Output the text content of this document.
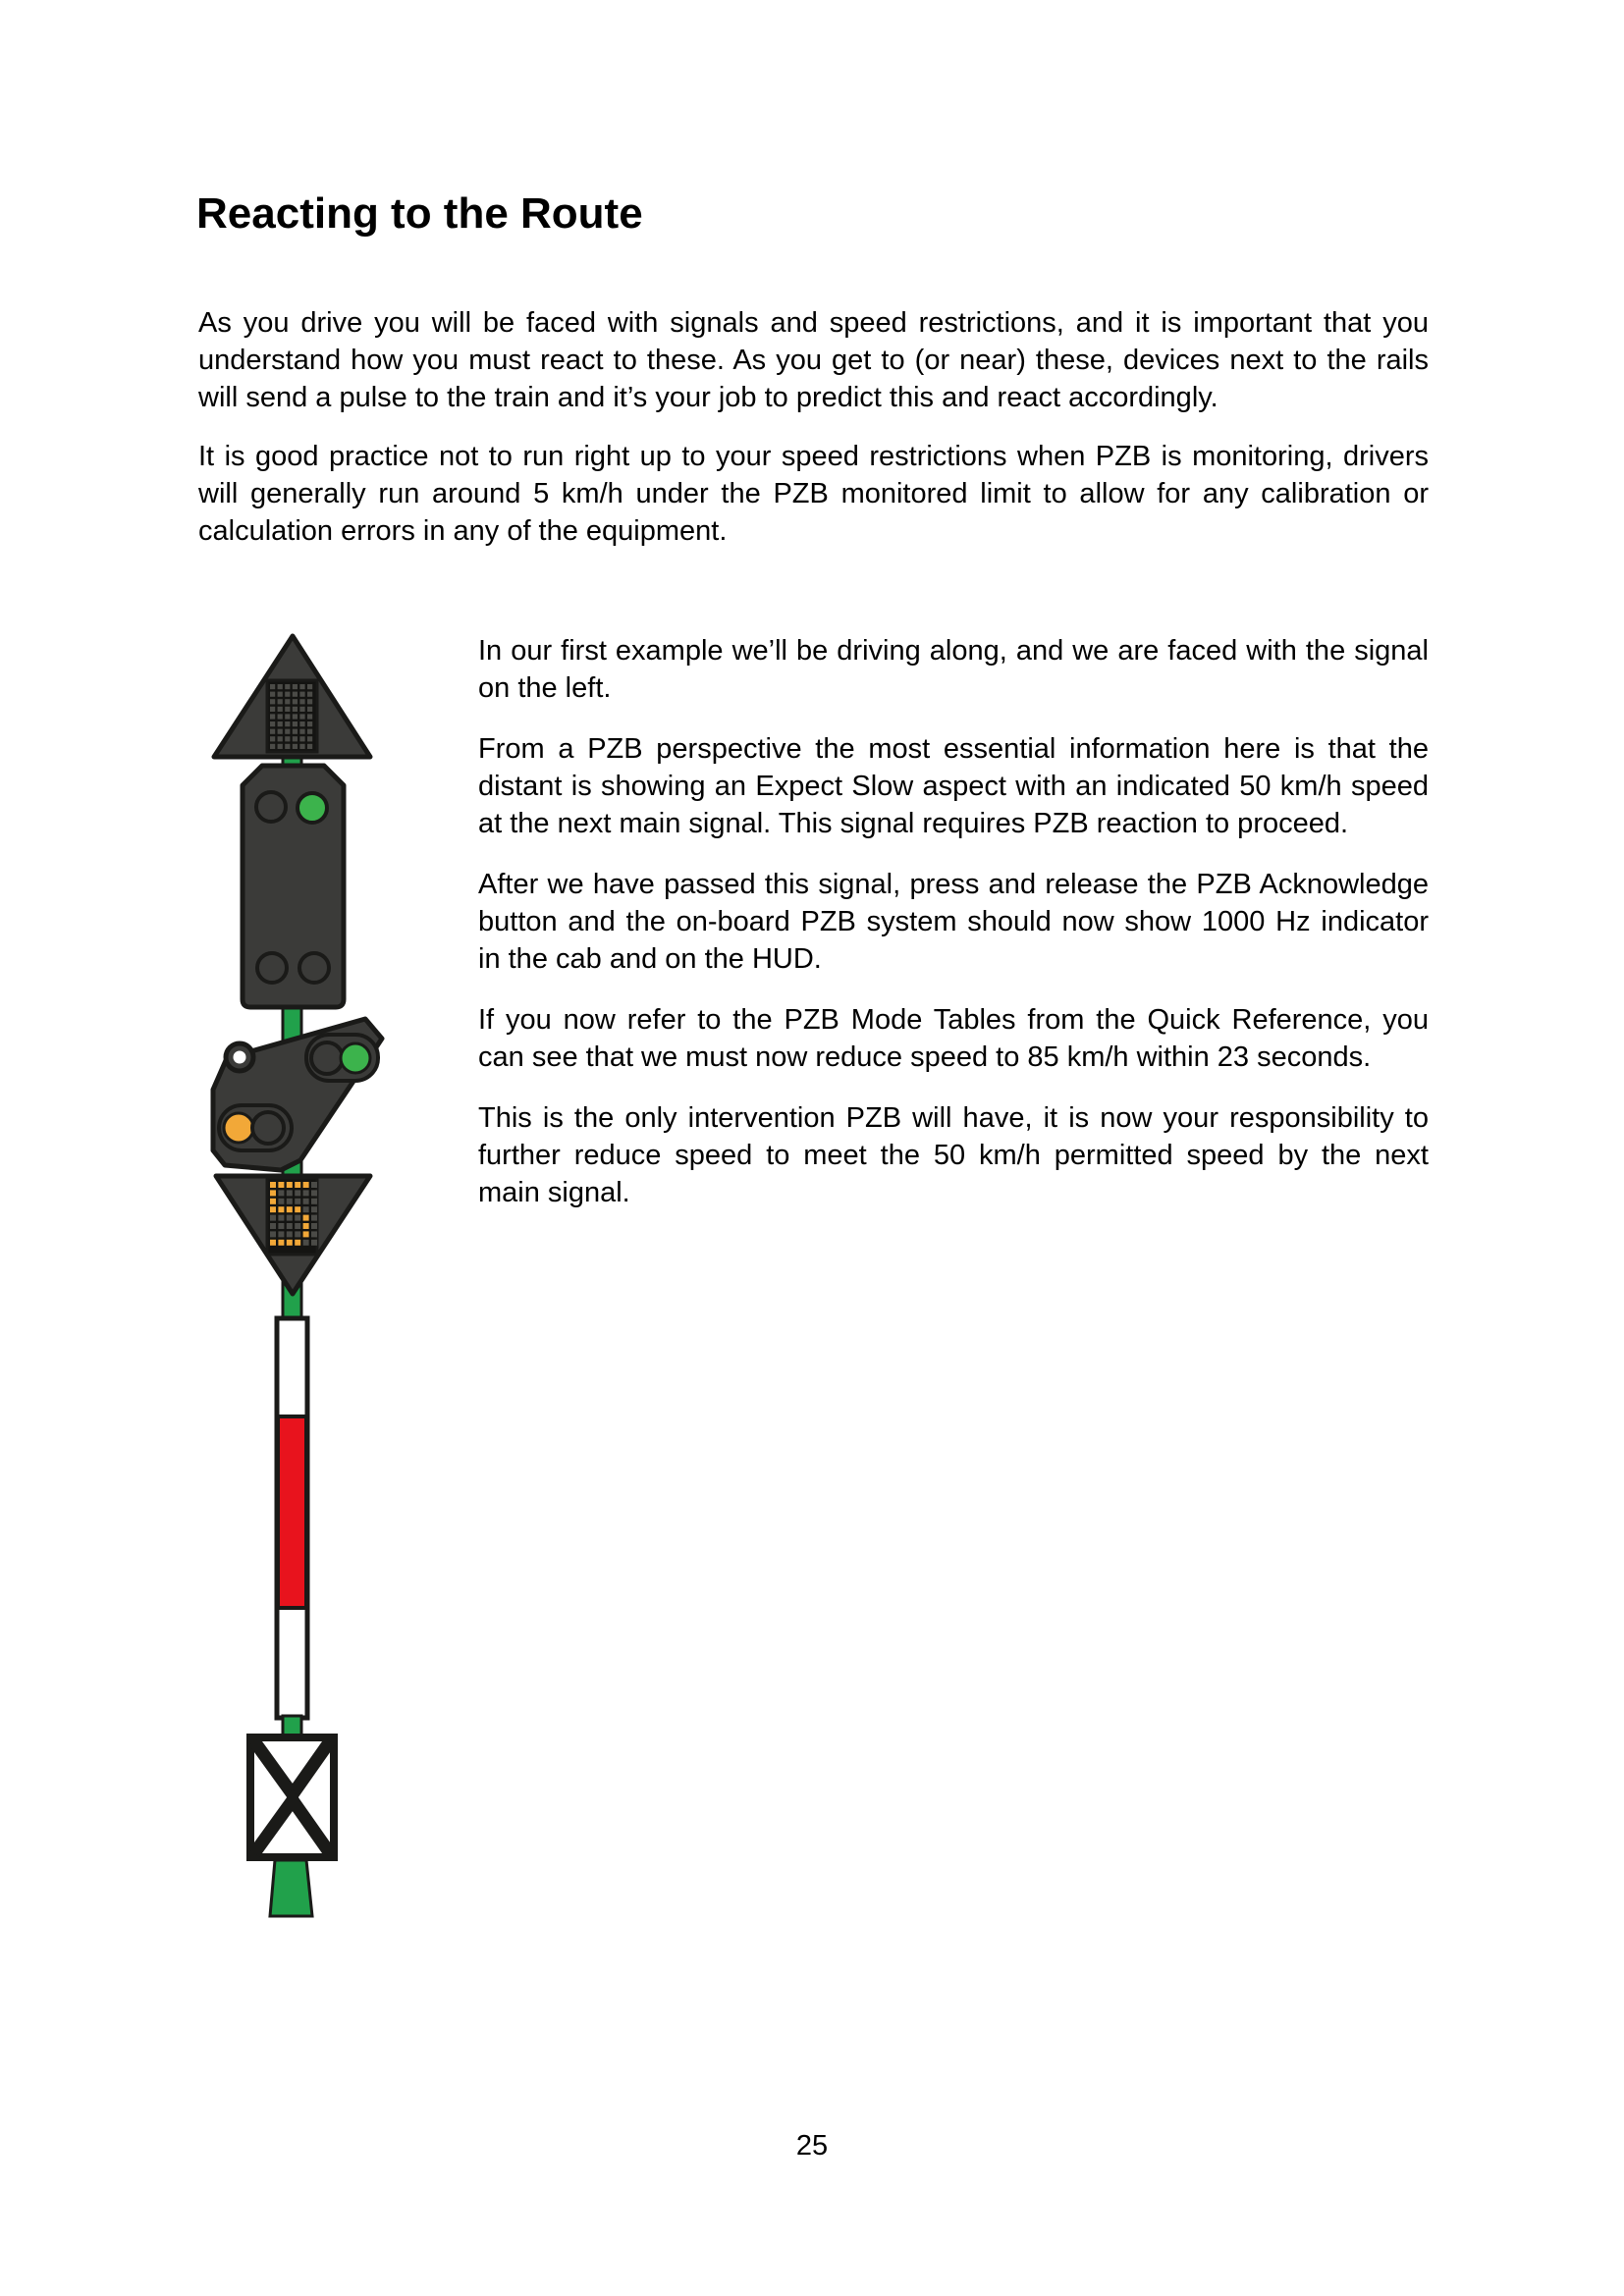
Reacting to the Route

As you drive you will be faced with signals and speed restrictions, and it is important that you understand how you must react to these. As you get to (or near) these, devices next to the rails will send a pulse to the train and it’s your job to predict this and react accordingly.

It is good practice not to run right up to your speed restrictions when PZB is monitoring, drivers will generally run around 5 km/h under the PZB monitored limit to allow for any calibration or calculation errors in any of the equipment.

In our first example we’ll be driving along, and we are faced with the signal on the left.

From a PZB perspective the most essential information here is that the distant is showing an Expect Slow aspect with an indicated 50 km/h speed at the next main signal. This signal requires PZB reaction to proceed.

After we have passed this signal, press and release the PZB Acknowledge button and the on-board PZB system should now show 1000 Hz indicator in the cab and on the HUD.

If you now refer to the PZB Mode Tables from the Quick Reference, you can see that we must now reduce speed to 85 km/h within 23 seconds.

This is the only intervention PZB will have, it is now your responsibility to further reduce speed to meet the 50 km/h permitted speed by the next main signal.

25
